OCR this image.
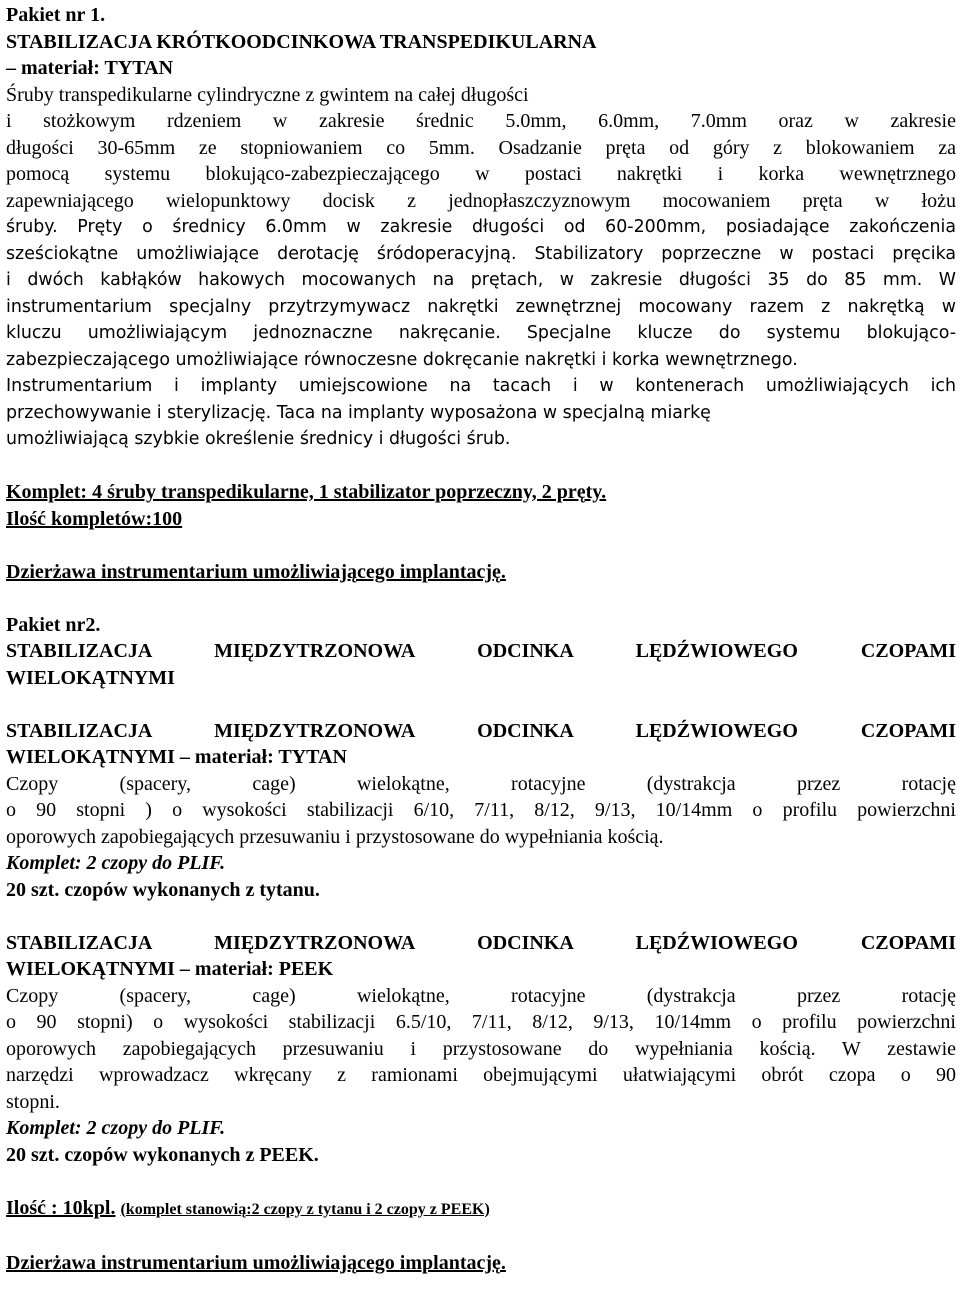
Pakiet nr 1.
STABILIZACJA KRÓTKOODCINKOWA TRANSPEDIKULARNA
– materiał: TYTAN
Śruby transpedikularne cylindryczne z gwintem na całej długości
i stożkowym rdzeniem w zakresie średnic 5.0mm, 6.0mm, 7.0mm oraz w zakresie
długości 30-65mm ze stopniowaniem co 5mm. Osadzanie pręta od góry z blokowaniem za
pomocą systemu blokująco-zabezpieczającego w postaci nakrętki i korka wewnętrznego
zapewniającego wielopunktowy docisk z jednopłaszczyznowym mocowaniem pręta w łożu
śruby. Pręty o średnicy 6.0mm w zakresie długości od 60-200mm, posiadające zakończenia
sześciokątne umożliwiające derotację śródoperacyjną. Stabilizatory poprzeczne w postaci pręcika
i dwóch kabłąków hakowych mocowanych na prętach, w zakresie długości 35 do 85 mm. W
instrumentarium specjalny przytrzymywacz nakrętki zewnętrznej mocowany razem z nakrętką w
kluczu umożliwiającym jednoznaczne nakręcanie. Specjalne klucze do systemu blokująco-
zabezpieczającego umożliwiające równoczesne dokręcanie nakrętki i korka wewnętrznego.
Instrumentarium i implanty umiejscowione na tacach i w kontenerach umożliwiających ich
przechowywanie i sterylizację. Taca na implanty wyposażona w specjalną miarkę
umożliwiającą szybkie określenie średnicy i długości śrub.
Komplet: 4 śruby transpedikularne, 1 stabilizator poprzeczny, 2 pręty.
Ilość kompletów:100
Dzierżawa instrumentarium umożliwiającego implantację.
Pakiet nr2.
STABILIZACJA MIĘDZYTRZONOWA ODCINKA LĘDŹWIOWEGO CZOPAMI
WIELOKĄTNYMI
STABILIZACJA MIĘDZYTRZONOWA ODCINKA LĘDŹWIOWEGO CZOPAMI
WIELOKĄTNYMI – materiał: TYTAN
Czopy (spacery, cage) wielokątne, rotacyjne (dystrakcja przez rotację
o 90 stopni ) o wysokości stabilizacji 6/10, 7/11, 8/12, 9/13, 10/14mm o profilu powierzchni
oporowych zapobiegających przesuwaniu i przystosowane do wypełniania kością.
Komplet: 2 czopy do PLIF.
20 szt. czopów wykonanych z tytanu.
STABILIZACJA MIĘDZYTRZONOWA ODCINKA LĘDŹWIOWEGO CZOPAMI
WIELOKĄTNYMI – materiał: PEEK
Czopy (spacery, cage) wielokątne, rotacyjne (dystrakcja przez rotację
o 90 stopni) o wysokości stabilizacji 6.5/10, 7/11, 8/12, 9/13, 10/14mm o profilu powierzchni
oporowych zapobiegających przesuwaniu i przystosowane do wypełniania kością. W zestawie
narzędzi wprowadzacz wkręcany z ramionami obejmującymi ułatwiającymi obrót czopa o 90
stopni.
Komplet: 2 czopy do PLIF.
20 szt. czopów wykonanych z PEEK.
Ilość : 10kpl. (komplet stanowią:2 czopy z tytanu i 2 czopy z PEEK)
Dzierżawa instrumentarium umożliwiającego implantację.
